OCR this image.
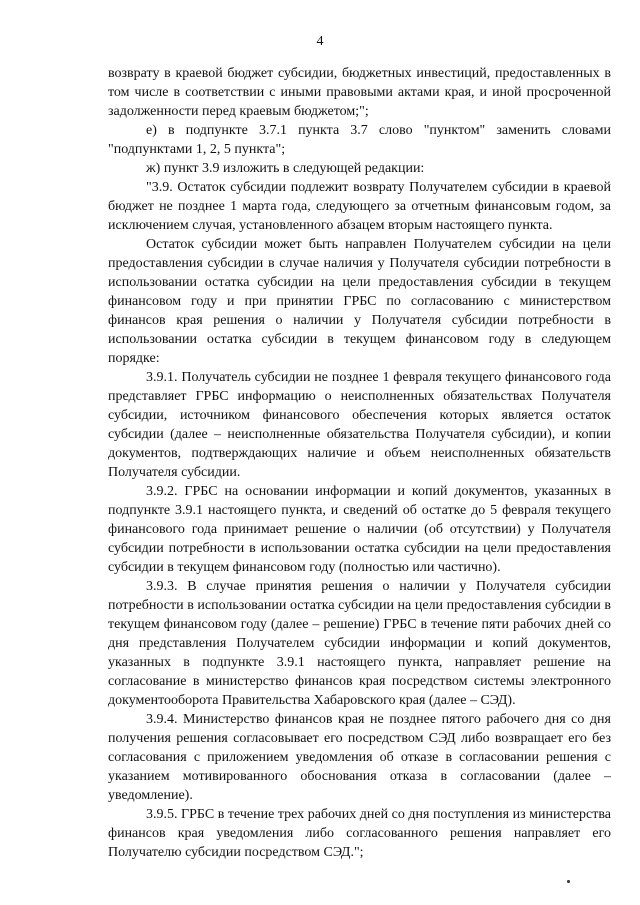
4

возврату в краевой бюджет субсидии, бюджетных инвестиций, предоставленных в том числе в соответствии с иными правовыми актами края, и иной просроченной задолженности перед краевым бюджетом;";

е) в подпункте 3.7.1 пункта 3.7 слово "пунктом" заменить словами "подпунктами 1, 2, 5 пункта";

ж) пункт 3.9 изложить в следующей редакции:

"3.9. Остаток субсидии подлежит возврату Получателем субсидии в краевой бюджет не позднее 1 марта года, следующего за отчетным финансовым годом, за исключением случая, установленного абзацем вторым настоящего пункта.

Остаток субсидии может быть направлен Получателем субсидии на цели предоставления субсидии в случае наличия у Получателя субсидии потребности в использовании остатка субсидии на цели предоставления субсидии в текущем финансовом году и при принятии ГРБС по согласованию с министерством финансов края решения о наличии у Получателя субсидии потребности в использовании остатка субсидии в текущем финансовом году в следующем порядке:

3.9.1. Получатель субсидии не позднее 1 февраля текущего финансового года представляет ГРБС информацию о неисполненных обязательствах Получателя субсидии, источником финансового обеспечения которых является остаток субсидии (далее – неисполненные обязательства Получателя субсидии), и копии документов, подтверждающих наличие и объем неисполненных обязательств Получателя субсидии.

3.9.2. ГРБС на основании информации и копий документов, указанных в подпункте 3.9.1 настоящего пункта, и сведений об остатке до 5 февраля текущего финансового года принимает решение о наличии (об отсутствии) у Получателя субсидии потребности в использовании остатка субсидии на цели предоставления субсидии в текущем финансовом году (полностью или частично).

3.9.3. В случае принятия решения о наличии у Получателя субсидии потребности в использовании остатка субсидии на цели предоставления субсидии в текущем финансовом году (далее – решение) ГРБС в течение пяти рабочих дней со дня представления Получателем субсидии информации и копий документов, указанных в подпункте 3.9.1 настоящего пункта, направляет решение на согласование в министерство финансов края посредством системы электронного документооборота Правительства Хабаровского края (далее – СЭД).

3.9.4. Министерство финансов края не позднее пятого рабочего дня со дня получения решения согласовывает его посредством СЭД либо возвращает его без согласования с приложением уведомления об отказе в согласовании решения с указанием мотивированного обоснования отказа в согласовании (далее – уведомление).

3.9.5. ГРБС в течение трех рабочих дней со дня поступления из министерства финансов края уведомления либо согласованного решения направляет его Получателю субсидии посредством СЭД.";
